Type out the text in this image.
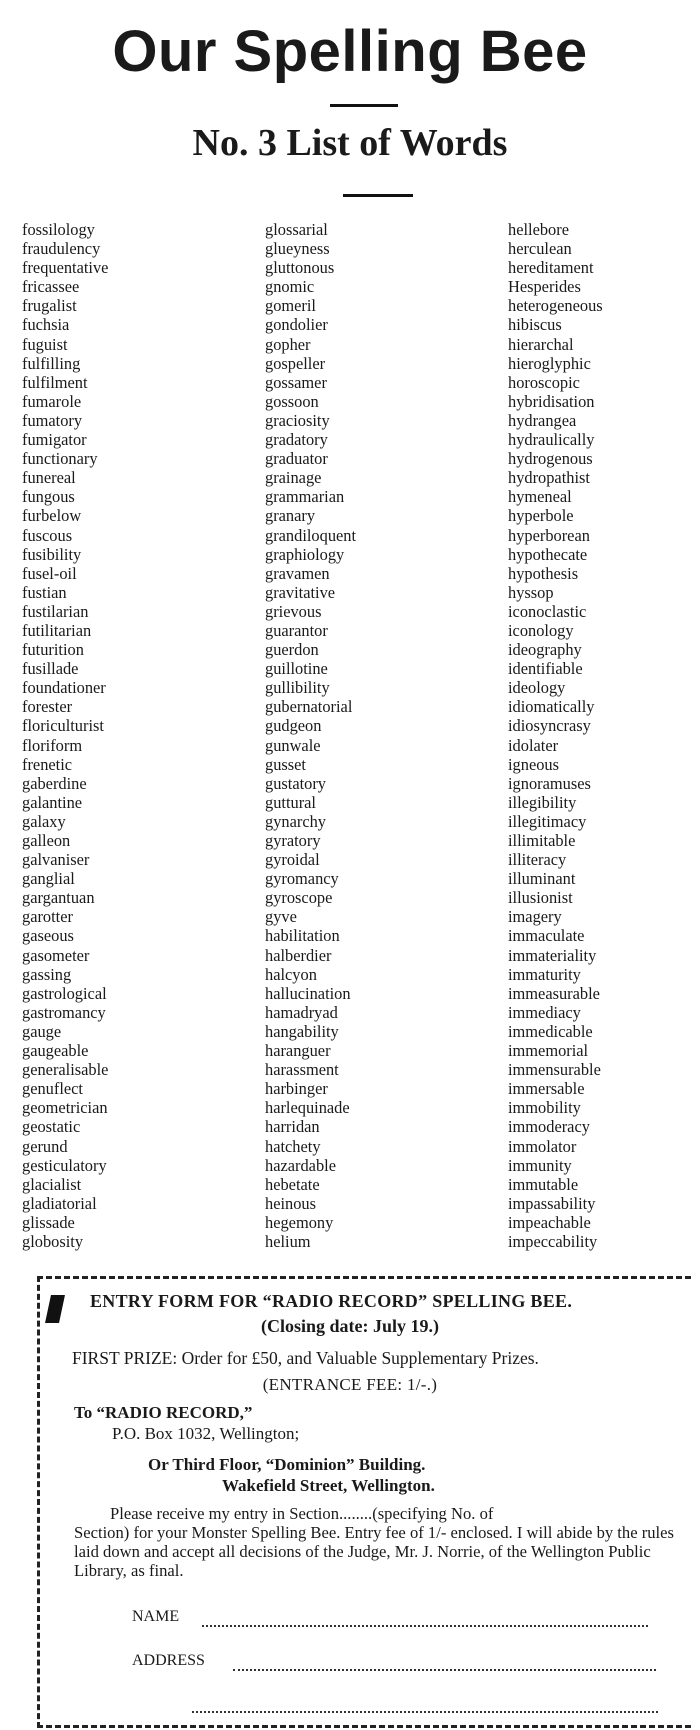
Our Spelling Bee
No. 3 List of Words
fossilology
fraudulency
frequentative
fricassee
frugalist
fuchsia
fuguist
fulfilling
fulfilment
fumarole
fumatory
fumigator
functionary
funereal
fungous
furbelow
fuscous
fusibility
fusel-oil
fustian
fustilarian
futilitarian
futurition
fusillade
foundationer
forester
floriculturist
floriform
frenetic
gaberdine
galantine
galaxy
galleon
galvaniser
ganglial
gargantuan
garotter
gaseous
gasometer
gassing
gastrological
gastromancy
gauge
gaugeable
generalisable
genuflect
geometrician
geostatic
gerund
gesticulatory
glacialist
gladiatorial
glissade
globosity
glossarial
glueyness
gluttonous
gnomic
gomeril
gondolier
gopher
gospeller
gossamer
gossoon
graciosity
gradatory
graduator
grainage
grammarian
granary
grandiloquent
graphiology
gravamen
gravitative
grievous
guarantor
guerdon
guillotine
gullibility
gubernatorial
gudgeon
gunwale
gusset
gustatory
guttural
gynarchy
gyratory
gyroidal
gyromancy
gyroscope
gyve
habilitation
halberdier
halcyon
hallucination
hamadryad
hangability
haranguer
harassment
harbinger
harlequinade
harridan
hatchety
hazardable
hebetate
heinous
hegemony
helium
hellebore
herculean
hereditament
Hesperides
heterogeneous
hibiscus
hierarchal
hieroglyphic
horoscopic
hybridisation
hydrangea
hydraulically
hydrogenous
hydropathist
hymeneal
hyperbole
hyperborean
hypothecate
hypothesis
hyssop
iconoclastic
iconology
ideography
identifiable
ideology
idiomatically
idiosyncrasy
idolater
igneous
ignoramuses
illegibility
illegitimacy
illimitable
illiteracy
illuminant
illusionist
imagery
immaculate
immateriality
immaturity
immeasurable
immediacy
immedicable
immemorial
immensurable
immersable
immobility
immoderacy
immolator
immunity
immutable
impassability
impeachable
impeccability
ENTRY FORM FOR “RADIO RECORD” SPELLING BEE.
(Closing date: July 19.)
FIRST PRIZE: Order for £50, and Valuable Supplementary Prizes.
(ENTRANCE FEE: 1/-.)
To “RADIO RECORD,”
P.O. Box 1032, Wellington;
Or Third Floor, “Dominion” Building.
Wakefield Street, Wellington.
Please receive my entry in Section........(specifying No. of
Section) for your Monster Spelling Bee. Entry fee of 1/- enclosed. I will abide by the rules laid down and accept all decisions of the Judge, Mr. J. Norrie, of the Wellington Public Library, as final.
NAME
ADDRESS
